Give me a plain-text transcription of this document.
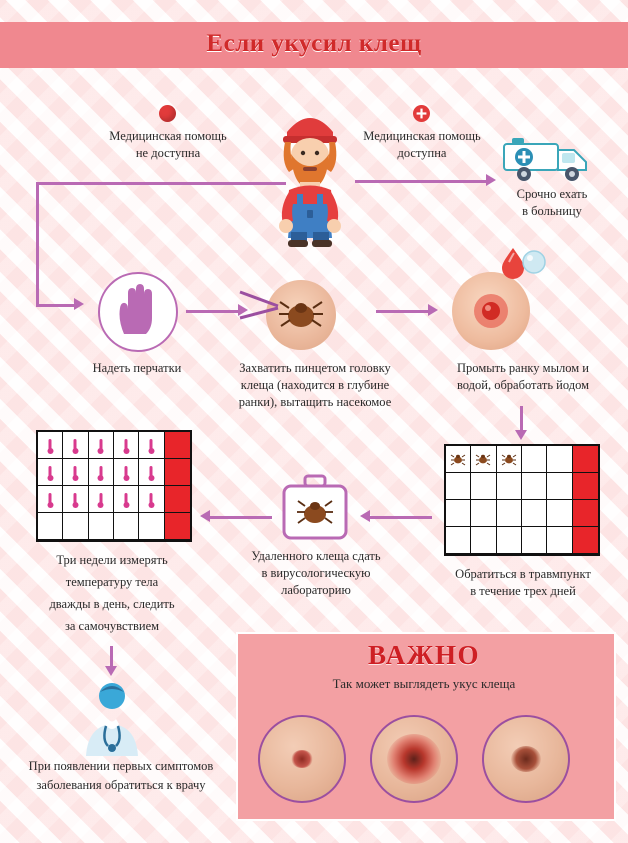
Если укусил клещ
Медицинская помощь
не доступна
Медицинская помощь
доступна
Срочно ехать
в больницу
Надеть перчатки	Захватить пинцетом головку
клеща (находится в глубине
ранки), вытащить насекомое
Промыть ранку мылом и
водой, обработать йодом
Обратиться в травмпункт
в течение трех дней
Удаленного клеща сдать
в вирусологическую
лабораторию
Три недели измерять
температуру тела
дважды в день, следить
за самочувствием
При появлении первых симптомов
заболевания обратиться к врачу
ВАЖНО
Так может выглядеть укус клеща
